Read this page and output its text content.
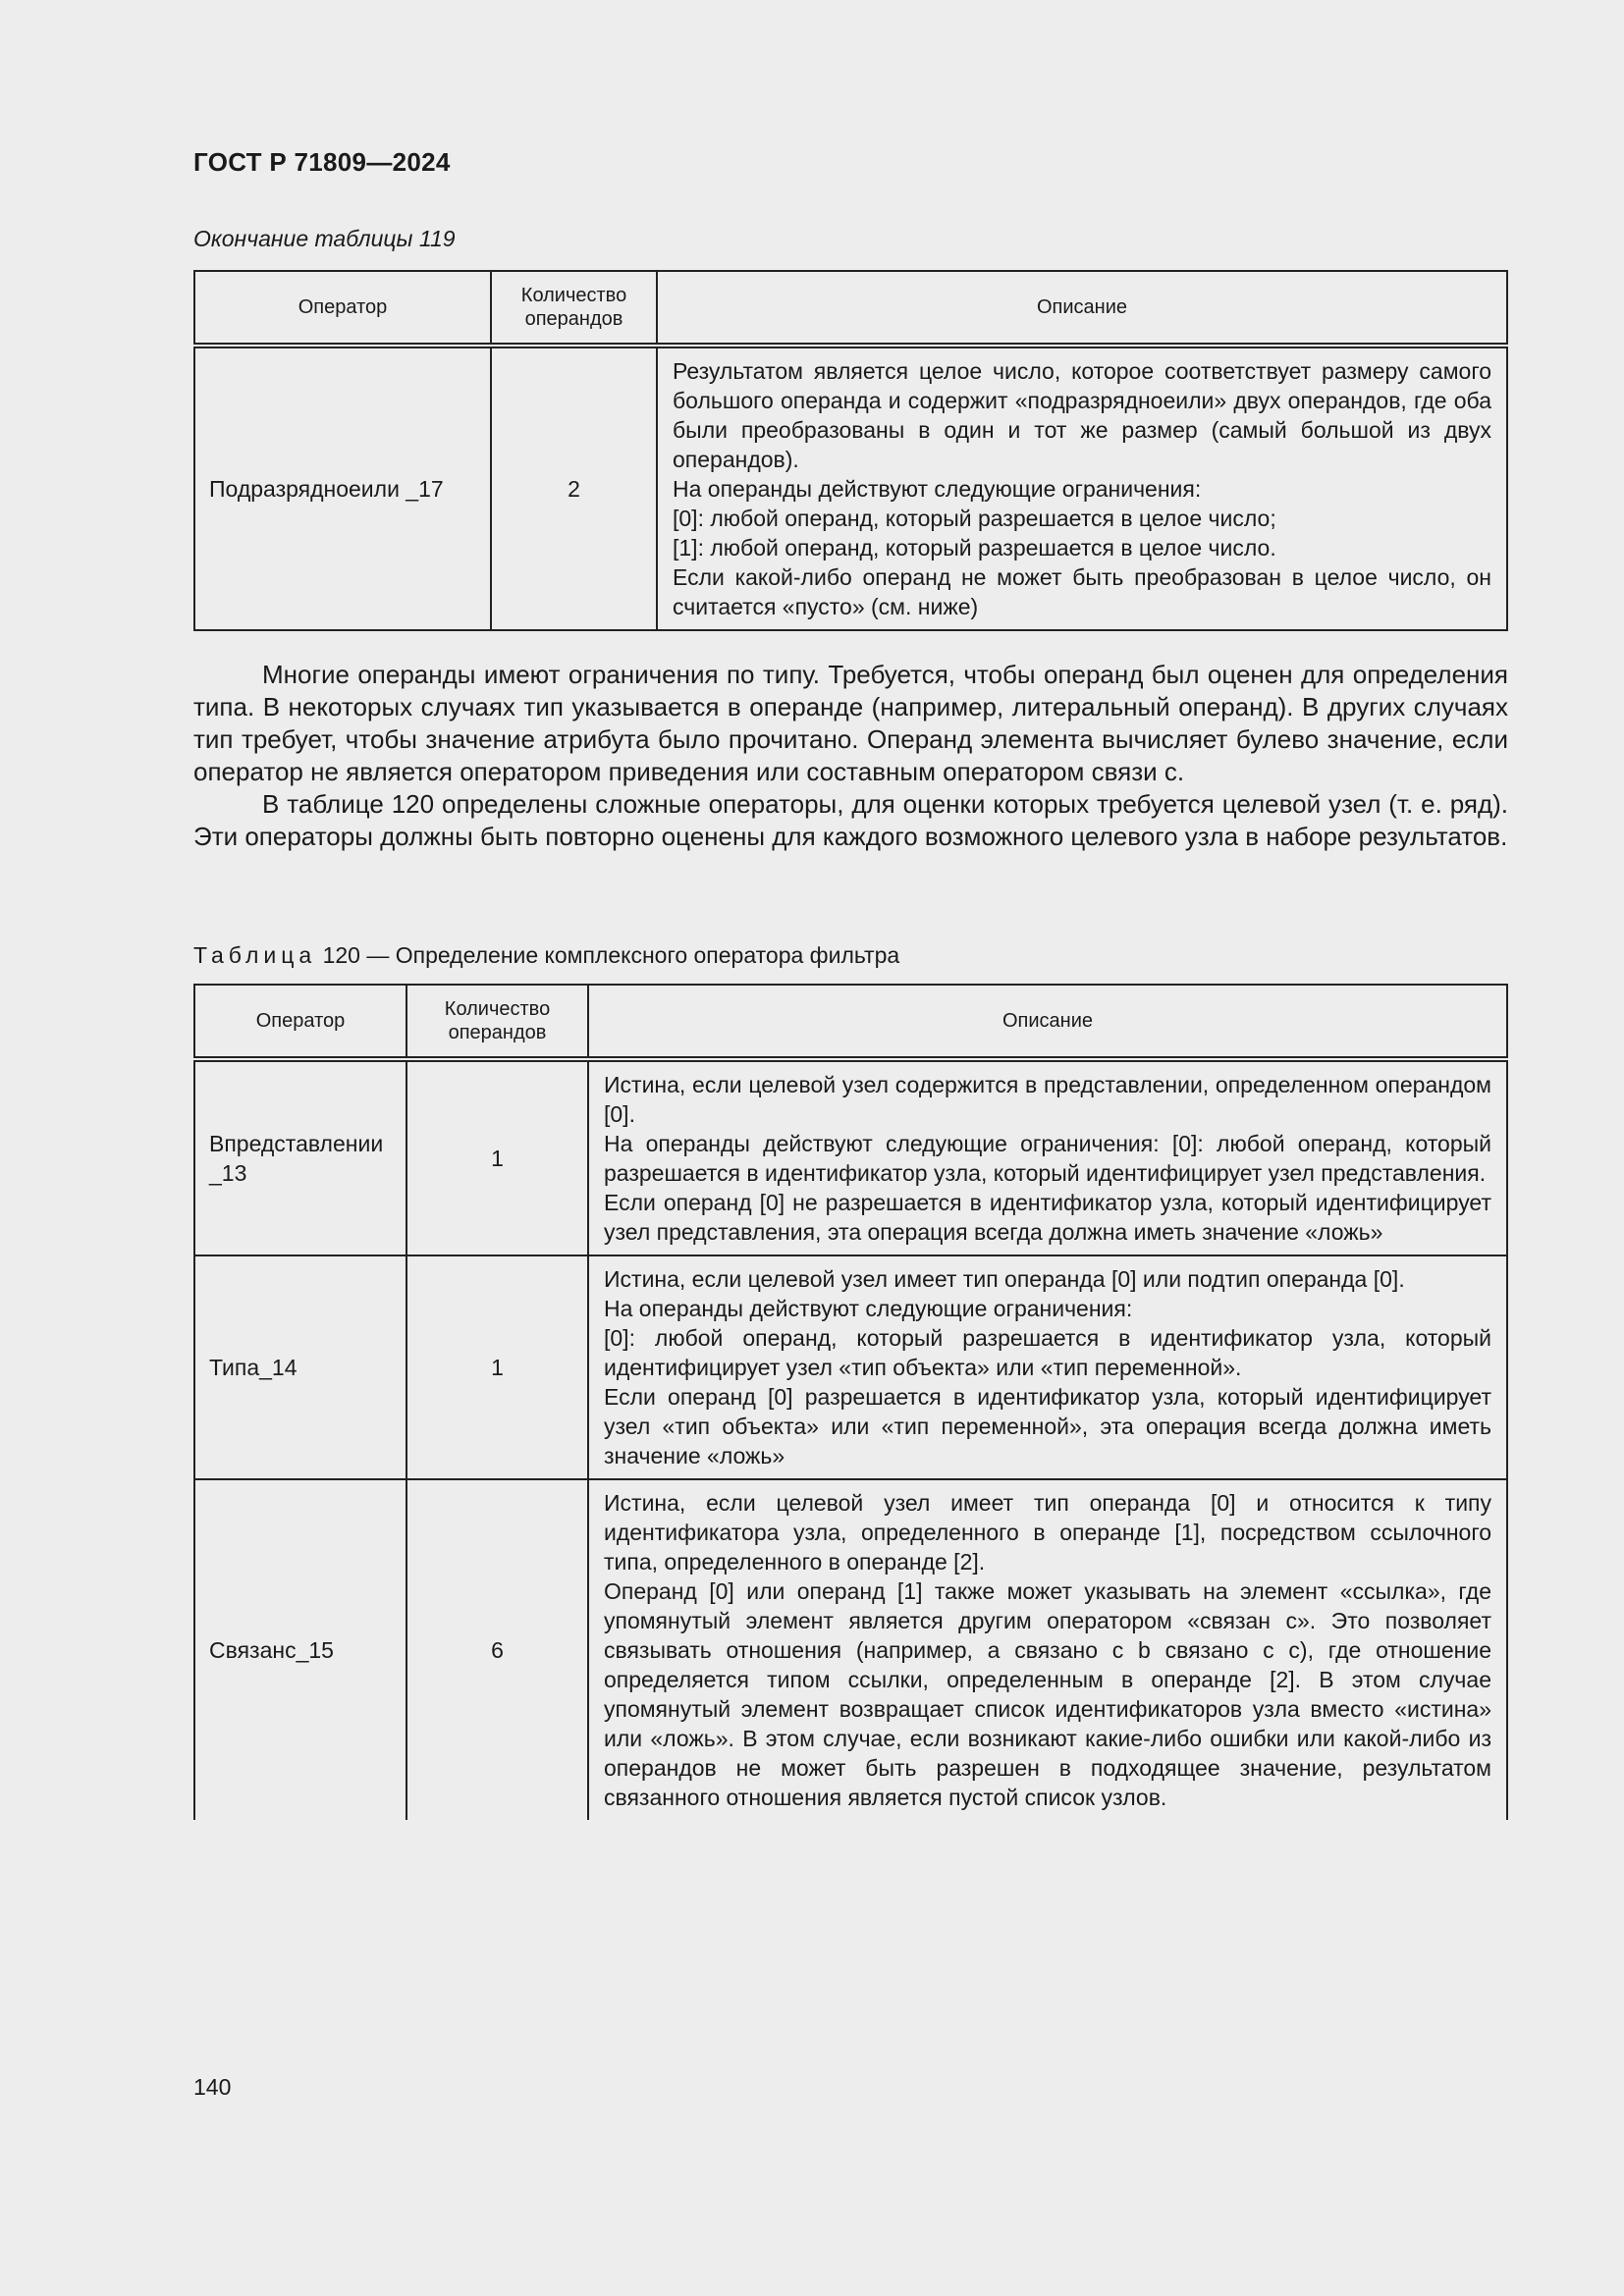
ГОСТ Р 71809—2024
Окончание таблицы 119
Оператор	Количество операндов	Описание
Подразрядноеили _17	2	Результатом является целое число, которое соответствует размеру самого большого операнда и содержит «подразрядноеили» двух операндов, где оба были преобразованы в один и тот же размер (самый большой из двух операндов).
На операнды действуют следующие ограничения:
[0]: любой операнд, который разрешается в целое число;
[1]: любой операнд, который разрешается в целое число.
Если какой-либо операнд не может быть преобразован в целое число, он считается «пусто» (см. ниже)

Многие операнды имеют ограничения по типу. Требуется, чтобы операнд был оценен для определения типа. В некоторых случаях тип указывается в операнде (например, литеральный операнд). В других случаях тип требует, чтобы значение атрибута было прочитано. Операнд элемента вычисляет булево значение, если оператор не является оператором приведения или составным оператором связи с.

В таблице 120 определены сложные операторы, для оценки которых требуется целевой узел (т. е. ряд). Эти операторы должны быть повторно оценены для каждого возможного целевого узла в наборе результатов.

Таблица 120 — Определение комплексного оператора фильтра
Оператор	Количество операндов	Описание
Впредставлении_13	1	Истина, если целевой узел содержится в представлении, определенном операндом [0].
На операнды действуют следующие ограничения: [0]: любой операнд, который разрешается в идентификатор узла, который идентифицирует узел представления.
Если операнд [0] не разрешается в идентификатор узла, который идентифицирует узел представления, эта операция всегда должна иметь значение «ложь»

Типа_14	1	Истина, если целевой узел имеет тип операнда [0] или подтип операнда [0].
На операнды действуют следующие ограничения:
[0]: любой операнд, который разрешается в идентификатор узла, который идентифицирует узел «тип объекта» или «тип переменной».
Если операнд [0] разрешается в идентификатор узла, который идентифицирует узел «тип объекта» или «тип переменной», эта операция всегда должна иметь значение «ложь»

Связанс_15	6	Истина, если целевой узел имеет тип операнда [0] и относится к типу идентификатора узла, определенного в операнде [1], посредством ссылочного типа, определенного в операнде [2].
Операнд [0] или операнд [1] также может указывать на элемент «ссылка», где упомянутый элемент является другим оператором «связан с». Это позволяет связывать отношения (например, а связано с b связано с c), где отношение определяется типом ссылки, определенным в операнде [2]. В этом случае упомянутый элемент возвращает список идентификаторов узла вместо «истина» или «ложь». В этом случае, если возникают какие-либо ошибки или какой-либо из операндов не может быть разрешен в подходящее значение, результатом связанного отношения является пустой список узлов.
140
